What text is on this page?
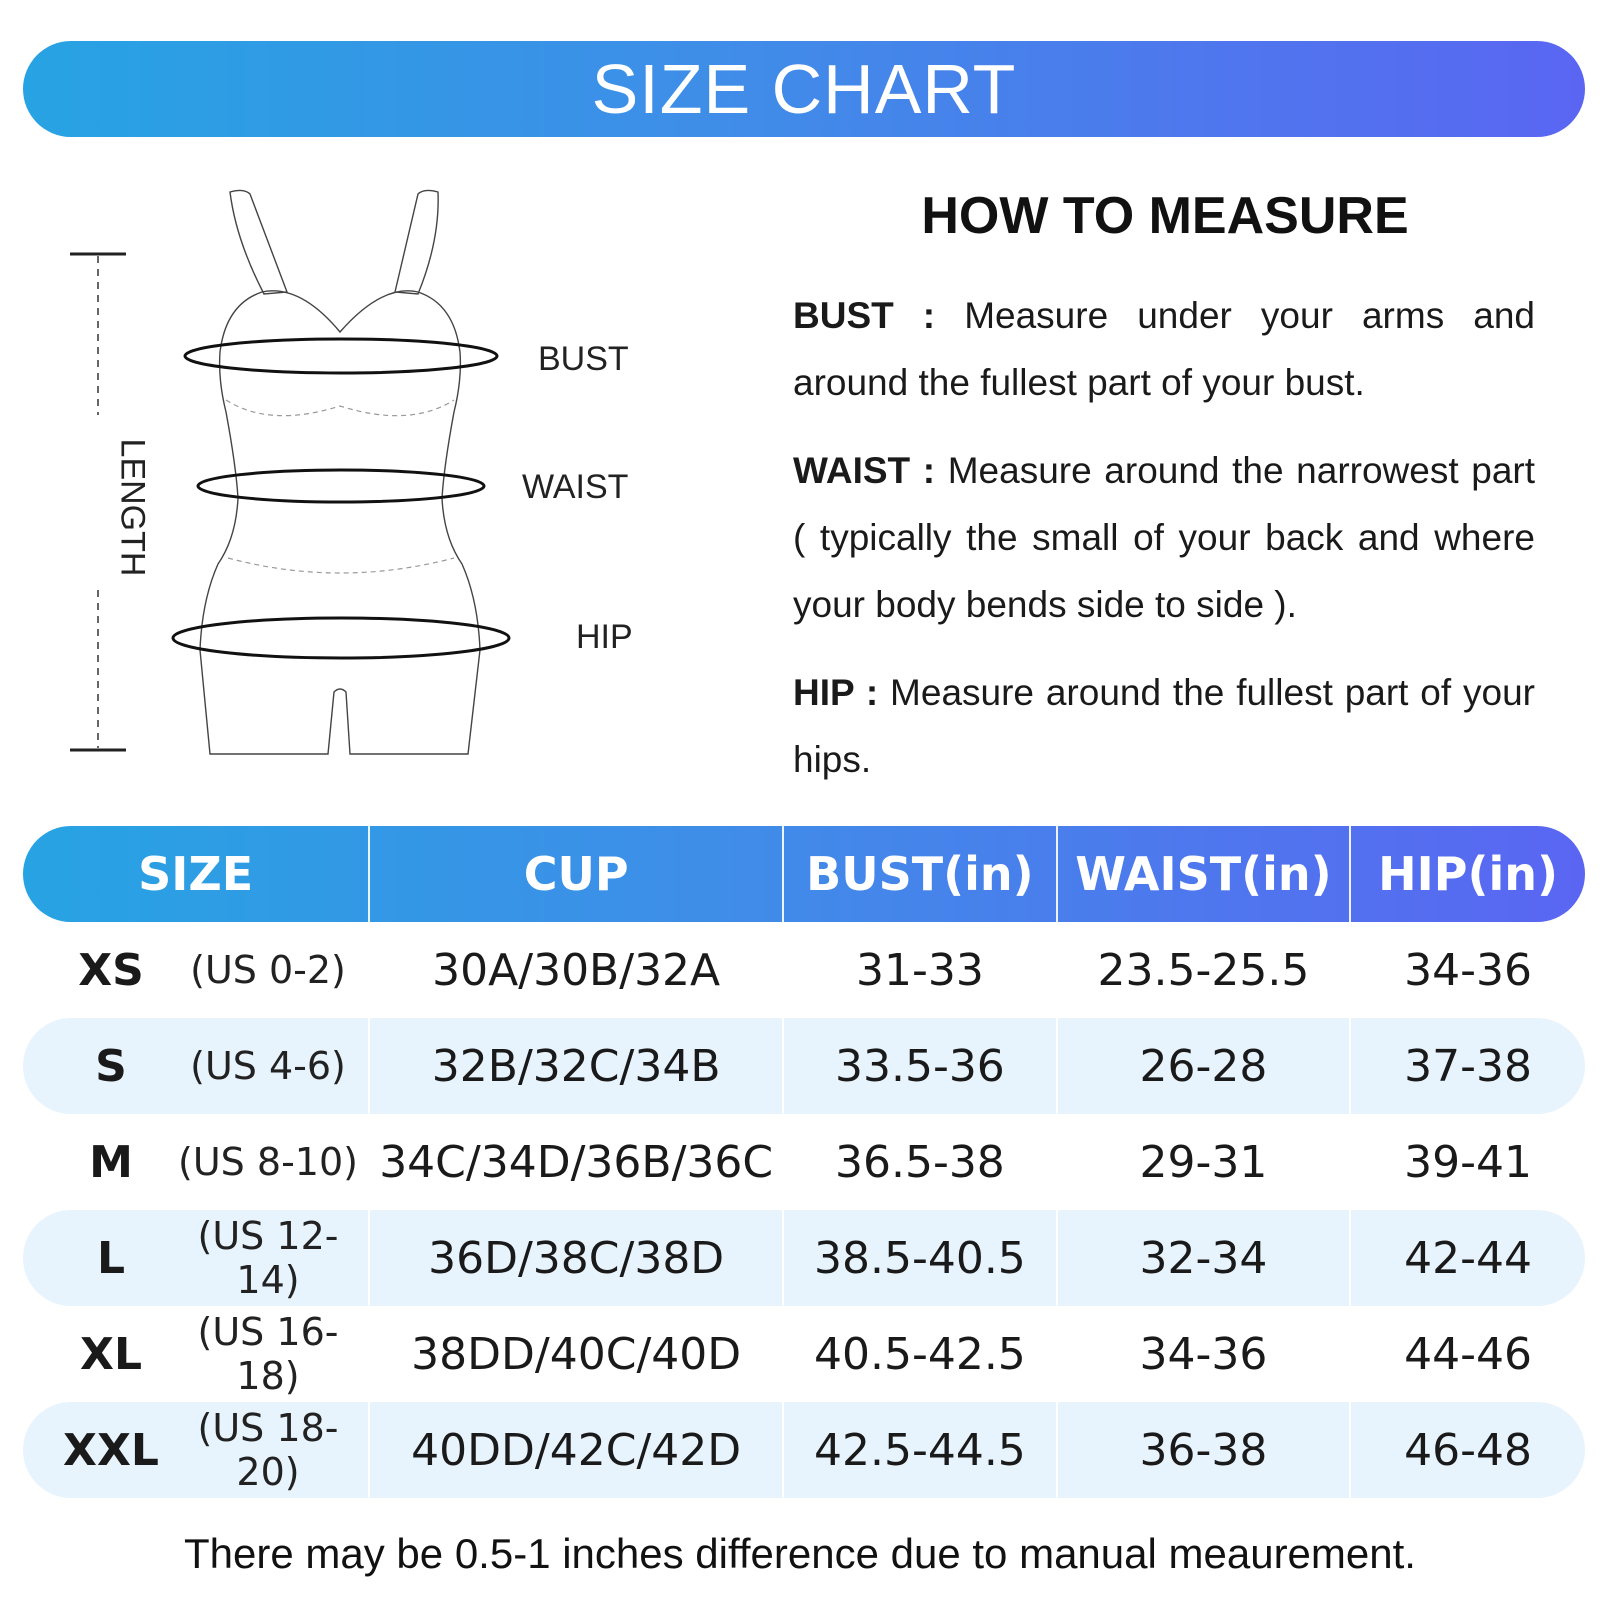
SIZE CHART
BUST
WAIST
HIP
LENGTH
HOW TO MEASURE

BUST : Measure under your arms and around the fullest part of your bust.

WAIST : Measure around the narrowest part ( typically the small of your back and where your body bends side to side ).

HIP : Measure around the fullest part of your hips.

SIZE	CUP	BUST(in) WAIST(in)	HIP(in)
XS	(US 0-2)	30A/30B/32A	31-33	23.5-25.5	34-36
S	(US 4-6)	32B/32C/34B	33.5-36	26-28	37-38
M	(US 8-10) 34C/34D/36B/36C	36.5-38	29-31	39-41
L	(US 12-14)	36D/38C/38D	38.5-40.5	32-34	42-44
XL	(US 16-18)	38DD/40C/40D	40.5-42.5	34-36	44-46
XXL	(US 18-20)	40DD/42C/42D	42.5-44.5	36-38	46-48
There may be 0.5-1 inches difference due to manual meaurement.
